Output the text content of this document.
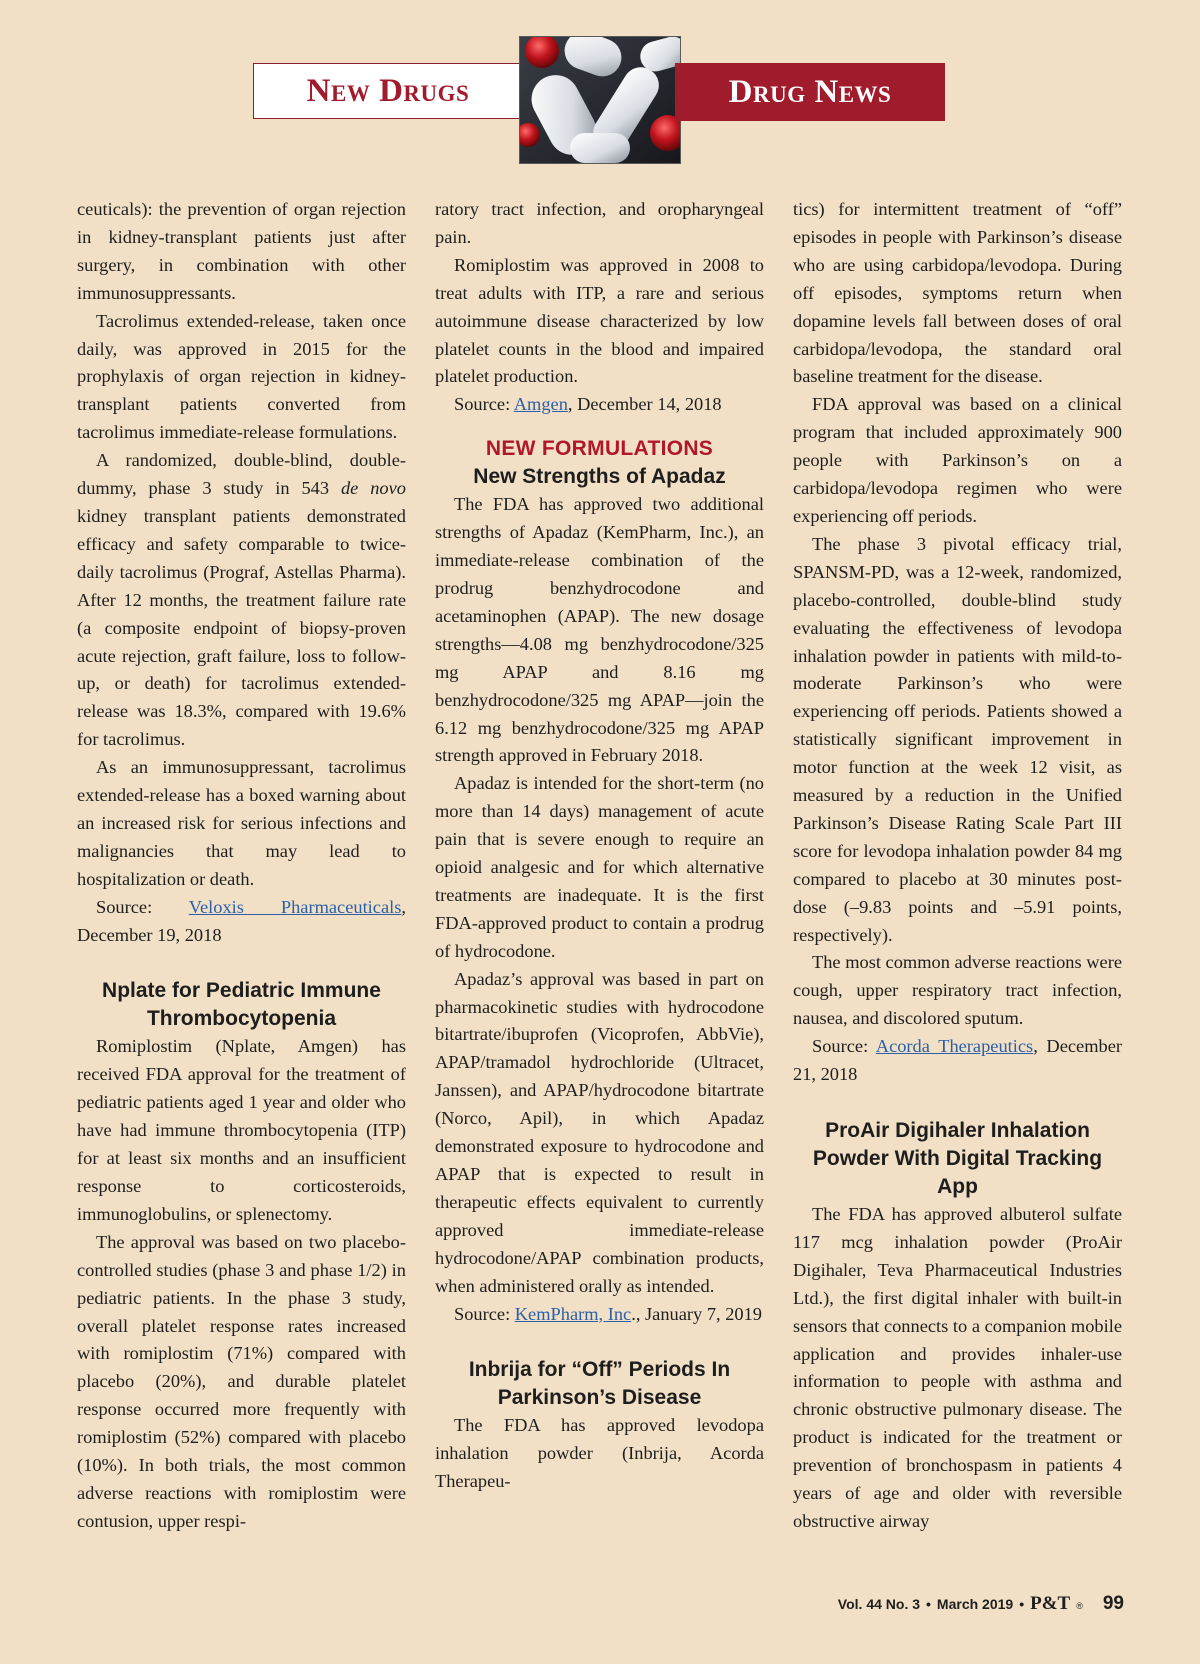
New Drugs	Drug News

ceuticals): the prevention of organ rejection in kidney-transplant patients just after surgery, in combination with other immunosuppressants.

Tacrolimus extended-release, taken once daily, was approved in 2015 for the prophylaxis of organ rejection in kidney-transplant patients converted from tacrolimus immediate-release formulations.

A randomized, double-blind, double-dummy, phase 3 study in 543 de novo kidney transplant patients demonstrated efficacy and safety comparable to twice-daily tacrolimus (Prograf, Astellas Pharma). After 12 months, the treatment failure rate (a composite endpoint of biopsy-proven acute rejection, graft failure, loss to follow-up, or death) for tacrolimus extended-release was 18.3%, compared with 19.6% for tacrolimus.

As an immunosuppressant, tacrolimus extended-release has a boxed warning about an increased risk for serious infections and malignancies that may lead to hospitalization or death.

Source: Veloxis Pharmaceuticals, December 19, 2018

Nplate for Pediatric Immune Thrombocytopenia

Romiplostim (Nplate, Amgen) has received FDA approval for the treatment of pediatric patients aged 1 year and older who have had immune thrombocytopenia (ITP) for at least six months and an insufficient response to corticosteroids, immunoglobulins, or splenectomy.

The approval was based on two placebo-controlled studies (phase 3 and phase 1/2) in pediatric patients. In the phase 3 study, overall platelet response rates increased with romiplostim (71%) compared with placebo (20%), and durable platelet response occurred more frequently with romiplostim (52%) compared with placebo (10%). In both trials, the most common adverse reactions with romiplostim were contusion, upper respi-

ratory tract infection, and oropharyngeal pain.

Romiplostim was approved in 2008 to treat adults with ITP, a rare and serious autoimmune disease characterized by low platelet counts in the blood and impaired platelet production.

Source: Amgen, December 14, 2018

NEW FORMULATIONS
New Strengths of Apadaz

The FDA has approved two additional strengths of Apadaz (KemPharm, Inc.), an immediate-release combination of the prodrug benzhydrocodone and acetaminophen (APAP). The new dosage strengths—4.08 mg benzhydrocodone/325 mg APAP and 8.16 mg benzhydrocodone/325 mg APAP—join the 6.12 mg benzhydrocodone/325 mg APAP strength approved in February 2018.

Apadaz is intended for the short-term (no more than 14 days) management of acute pain that is severe enough to require an opioid analgesic and for which alternative treatments are inadequate. It is the first FDA-approved product to contain a prodrug of hydrocodone.

Apadaz’s approval was based in part on pharmacokinetic studies with hydrocodone bitartrate/ibuprofen (Vicoprofen, AbbVie), APAP/tramadol hydrochloride (Ultracet, Janssen), and APAP/hydrocodone bitartrate (Norco, Apil), in which Apadaz demonstrated exposure to hydrocodone and APAP that is expected to result in therapeutic effects equivalent to currently approved immediate-release hydrocodone/APAP combination products, when administered orally as intended.

Source: KemPharm, Inc., January 7, 2019

Inbrija for “Off” Periods In Parkinson’s Disease

The FDA has approved levodopa inhalation powder (Inbrija, Acorda Therapeu-

tics) for intermittent treatment of “off” episodes in people with Parkinson’s disease who are using carbidopa/levodopa. During off episodes, symptoms return when dopamine levels fall between doses of oral carbidopa/levodopa, the standard oral baseline treatment for the disease.

FDA approval was based on a clinical program that included approximately 900 people with Parkinson’s on a carbidopa/levodopa regimen who were experiencing off periods.

The phase 3 pivotal efficacy trial, SPANSM-PD, was a 12-week, randomized, placebo-controlled, double-blind study evaluating the effectiveness of levodopa inhalation powder in patients with mild-to-moderate Parkinson’s who were experiencing off periods. Patients showed a statistically significant improvement in motor function at the week 12 visit, as measured by a reduction in the Unified Parkinson’s Disease Rating Scale Part III score for levodopa inhalation powder 84 mg compared to placebo at 30 minutes post-dose (–9.83 points and –5.91 points, respectively).

The most common adverse reactions were cough, upper respiratory tract infection, nausea, and discolored sputum.

Source: Acorda Therapeutics, December 21, 2018

ProAir Digihaler Inhalation Powder With Digital Tracking App

The FDA has approved albuterol sulfate 117 mcg inhalation powder (ProAir Digihaler, Teva Pharmaceutical Industries Ltd.), the first digital inhaler with built-in sensors that connects to a companion mobile application and provides inhaler-use information to people with asthma and chronic obstructive pulmonary disease. The product is indicated for the treatment or prevention of bronchospasm in patients 4 years of age and older with reversible obstructive airway

Vol. 44 No. 3 • March 2019 • P&T ® 99
